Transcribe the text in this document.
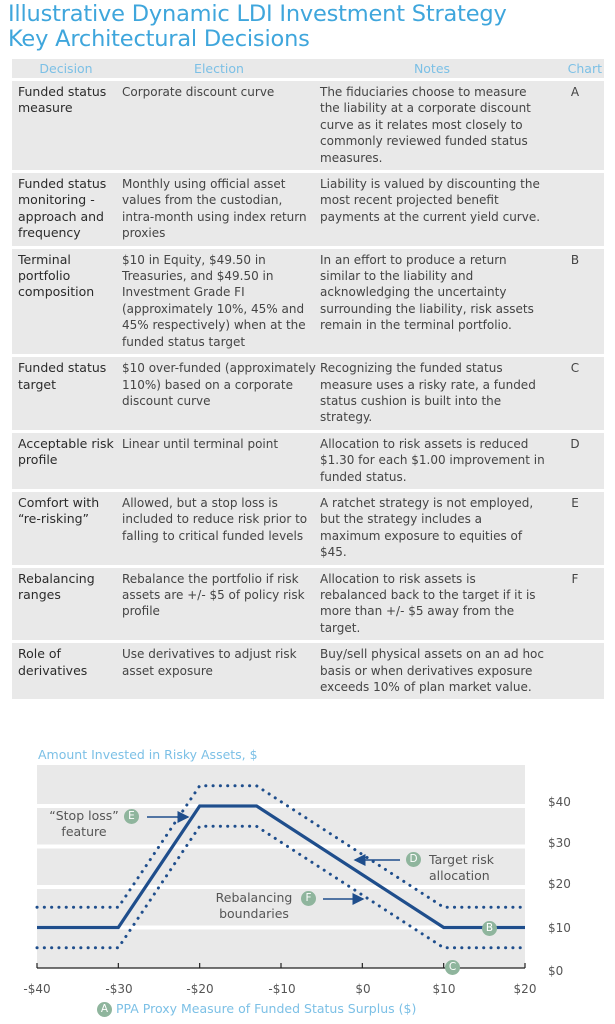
Illustrative Dynamic LDI Investment Strategy
Key Architectural Decisions
Decision	Election	Notes	Chart
Funded status measure	Corporate discount curve	The fiduciaries choose to measure the liability at a corporate discount curve as it relates most closely to commonly reviewed funded status measures.	A
Funded status monitoring - approach and frequency	Monthly using official asset values from the custodian, intra-month using index return proxies	Liability is valued by discounting the most recent projected benefit payments at the current yield curve.	
Terminal portfolio composition	$10 in Equity, $49.50 in Treasuries, and $49.50 in Investment Grade FI (approximately 10%, 45% and 45% respectively) when at the funded status target	In an effort to produce a return similar to the liability and acknowledging the uncertainty surrounding the liability, risk assets remain in the terminal portfolio.	B
Funded status target	$10 over-funded (approximately 110%) based on a corporate discount curve	Recognizing the funded status measure uses a risky rate, a funded status cushion is built into the strategy.	C
Acceptable risk profile	Linear until terminal point	Allocation to risk assets is reduced $1.30 for each $1.00 improvement in funded status.	D
Comfort with “re-risking”	Allowed, but a stop loss is included to reduce risk prior to falling to critical funded levels	A ratchet strategy is not employed, but the strategy includes a maximum exposure to equities of $45.	E
Rebalancing ranges	Rebalance the portfolio if risk assets are +/- $5 of policy risk profile	Allocation to risk assets is rebalanced back to the target if it is more than +/- $5 away from the target.	F
Role of derivatives	Use derivatives to adjust risk asset exposure	Buy/sell physical assets on an ad hoc basis or when derivatives exposure exceeds 10% of plan market value.	
Amount Invested in Risky Assets, $
$40
$30
$20
$10
$0
-$40	-$30	-$20	-$10	$0	$10	$20
A PPA Proxy Measure of Funded Status Surplus ($)
“Stop loss” feature
E
D Target risk allocation
Rebalancing boundaries
F
B
C
